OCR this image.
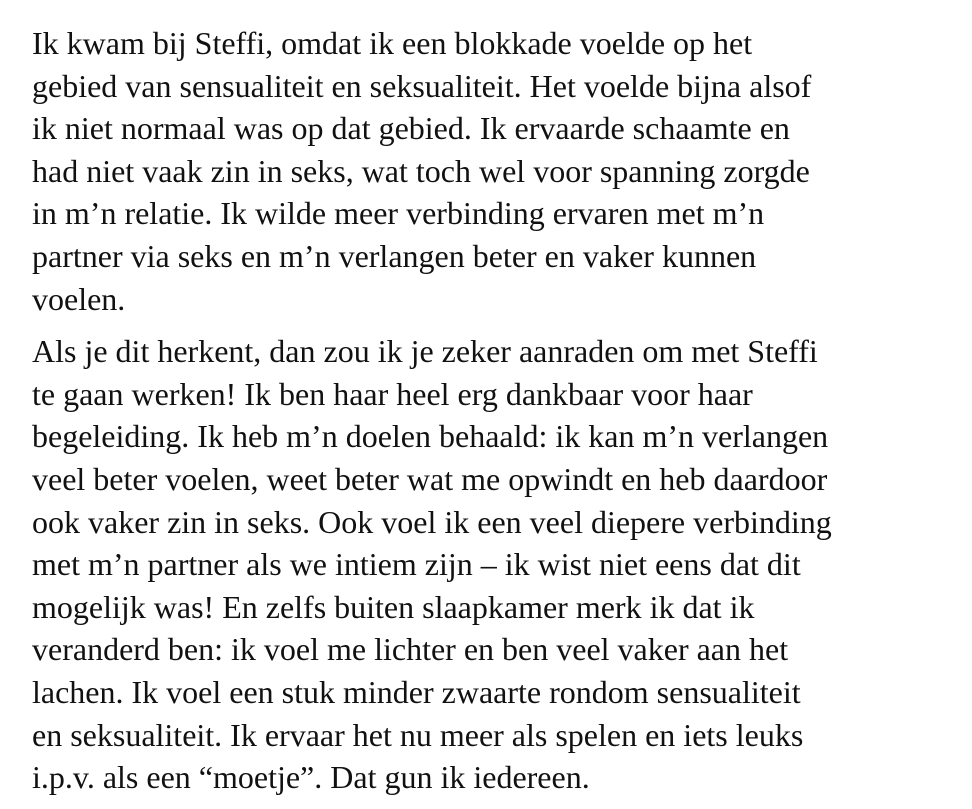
Ik kwam bij Steffi, omdat ik een blokkade voelde op het
gebied van sensualiteit en seksualiteit. Het voelde bijna alsof
ik niet normaal was op dat gebied. Ik ervaarde schaamte en
had niet vaak zin in seks, wat toch wel voor spanning zorgde
in m’n relatie. Ik wilde meer verbinding ervaren met m’n
partner via seks en m’n verlangen beter en vaker kunnen
voelen.

Als je dit herkent, dan zou ik je zeker aanraden om met Steffi
te gaan werken! Ik ben haar heel erg dankbaar voor haar
begeleiding. Ik heb m’n doelen behaald: ik kan m’n verlangen
veel beter voelen, weet beter wat me opwindt en heb daardoor
ook vaker zin in seks. Ook voel ik een veel diepere verbinding
met m’n partner als we intiem zijn – ik wist niet eens dat dit
mogelijk was! En zelfs buiten slaapkamer merk ik dat ik
veranderd ben: ik voel me lichter en ben veel vaker aan het
lachen. Ik voel een stuk minder zwaarte rondom sensualiteit
en seksualiteit. Ik ervaar het nu meer als spelen en iets leuks
i.p.v. als een “moetje”. Dat gun ik iedereen.
